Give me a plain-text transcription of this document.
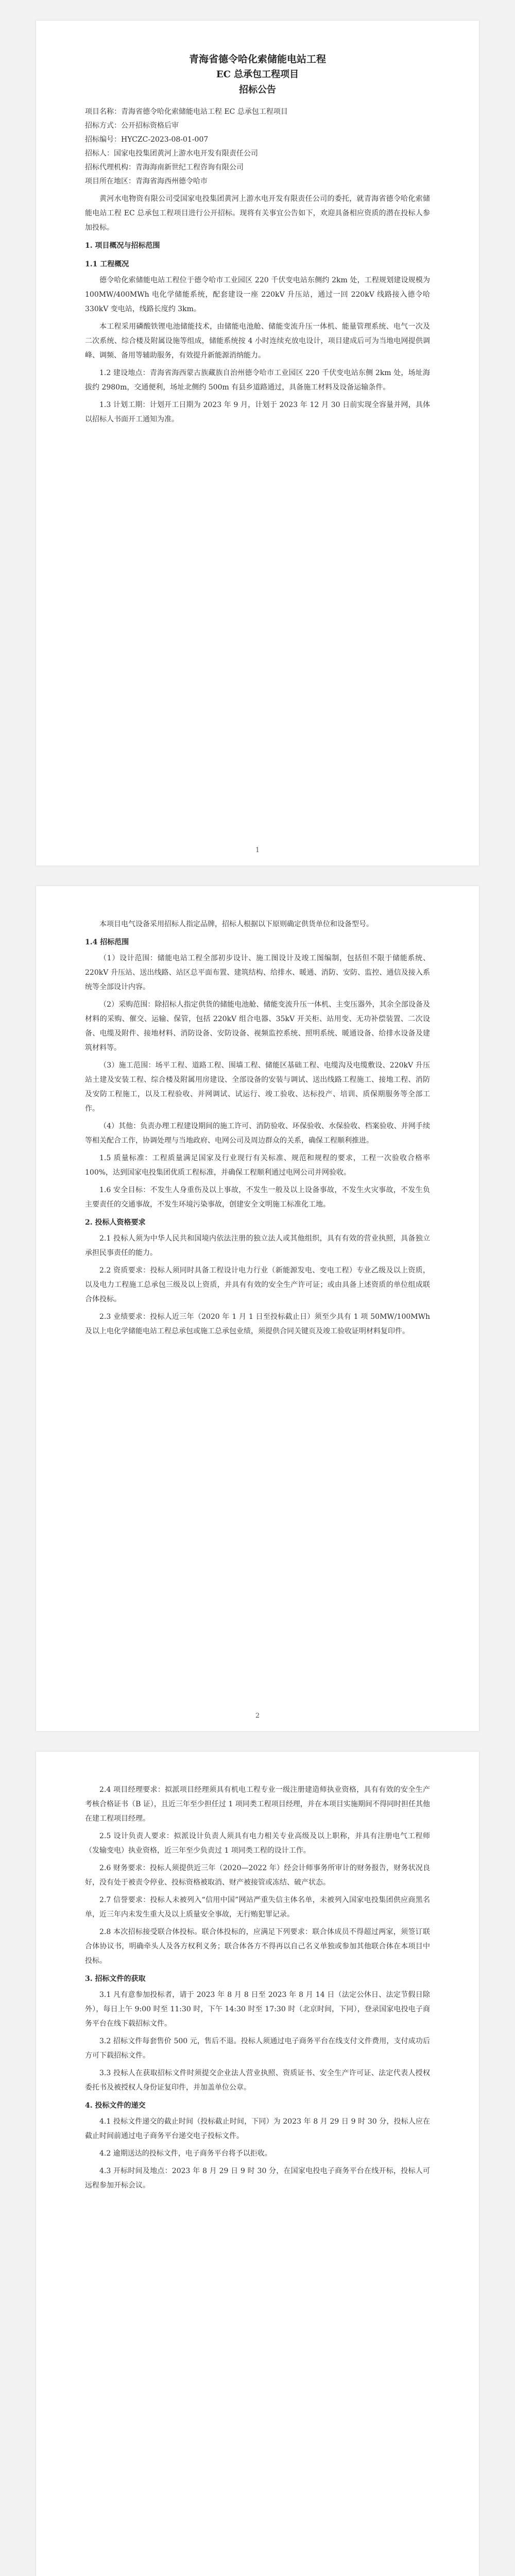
青海省德令哈化索储能电站工程
EC 总承包工程项目
招标公告
项目名称：青海省德令哈化索储能电站工程 EC 总承包工程项目
招标方式：公开招标资格后审
招标编号：HYCZC-2023-08-01-007
招标人：国家电投集团黄河上游水电开发有限责任公司
招标代理机构：青海海南新世纪工程咨询有限公司
项目所在地区：青海省海西州德令哈市

黄河水电物资有限公司受国家电投集团黄河上游水电开发有限责任公司的委托，就青海省德令哈化索储能电站工程 EC 总承包工程项目进行公开招标。现将有关事宜公告如下，欢迎具备相应资质的潜在投标人参加投标。

1. 项目概况与招标范围

1.1 工程概况

德令哈化索储能电站工程位于德令哈市工业园区 220 千伏变电站东侧约 2km 处，工程规划建设规模为 100MW/400MWh 电化学储能系统，配套建设一座 220kV 升压站，通过一回 220kV 线路接入德令哈 330kV 变电站，线路长度约 3km。

本工程采用磷酸铁锂电池储能技术，由储能电池舱、储能变流升压一体机、能量管理系统、电气一次及二次系统、综合楼及附属设施等组成，储能系统按 4 小时连续充放电设计，项目建成后可为当地电网提供调峰、调频、备用等辅助服务，有效提升新能源消纳能力。

1.2 建设地点：青海省海西蒙古族藏族自治州德令哈市工业园区 220 千伏变电站东侧 2km 处，场址海拔约 2980m，交通便利，场址北侧约 500m 有县乡道路通过，具备施工材料及设备运输条件。

1.3 计划工期：计划开工日期为 2023 年 9 月，计划于 2023 年 12 月 30 日前实现全容量并网，具体以招标人书面开工通知为准。

1

本项目电气设备采用招标人指定品牌，招标人根据以下原则确定供货单位和设备型号。

1.4 招标范围

（1）设计范围：储能电站工程全部初步设计、施工图设计及竣工图编制，包括但不限于储能系统、220kV 升压站、送出线路、站区总平面布置、建筑结构、给排水、暖通、消防、安防、监控、通信及接入系统等全部设计内容。

（2）采购范围：除招标人指定供货的储能电池舱、储能变流升压一体机、主变压器外，其余全部设备及材料的采购、催交、运输、保管，包括 220kV 组合电器、35kV 开关柜、站用变、无功补偿装置、二次设备、电缆及附件、接地材料、消防设备、安防设备、视频监控系统、照明系统、暖通设备、给排水设备及建筑材料等。

（3）施工范围：场平工程、道路工程、围墙工程、储能区基础工程、电缆沟及电缆敷设、220kV 升压站土建及安装工程、综合楼及附属用房建设、全部设备的安装与调试、送出线路工程施工、接地工程、消防及安防工程施工，以及工程验收、并网调试、试运行、竣工验收、达标投产、培训、质保期服务等全部工作。

（4）其他：负责办理工程建设期间的施工许可、消防验收、环保验收、水保验收、档案验收、并网手续等相关配合工作，协调处理与当地政府、电网公司及周边群众的关系，确保工程顺利推进。

1.5 质量标准：工程质量满足国家及行业现行有关标准、规范和规程的要求，工程一次验收合格率 100%，达到国家电投集团优质工程标准，并确保工程顺利通过电网公司并网验收。

1.6 安全目标：不发生人身重伤及以上事故，不发生一般及以上设备事故，不发生火灾事故，不发生负主要责任的交通事故，不发生环境污染事故，创建安全文明施工标准化工地。

2. 投标人资格要求

2.1 投标人须为中华人民共和国境内依法注册的独立法人或其他组织，具有有效的营业执照，具备独立承担民事责任的能力。

2.2 资质要求：投标人须同时具备工程设计电力行业（新能源发电、变电工程）专业乙级及以上资质，以及电力工程施工总承包三级及以上资质，并具有有效的安全生产许可证；或由具备上述资质的单位组成联合体投标。

2.3 业绩要求：投标人近三年（2020 年 1 月 1 日至投标截止日）须至少具有 1 项 50MW/100MWh 及以上电化学储能电站工程总承包或施工总承包业绩，须提供合同关键页及竣工验收证明材料复印件。

2

2.4 项目经理要求：拟派项目经理须具有机电工程专业一级注册建造师执业资格，具有有效的安全生产考核合格证书（B 证），且近三年至少担任过 1 项同类工程项目经理，并在本项目实施期间不得同时担任其他在建工程项目经理。

2.5 设计负责人要求：拟派设计负责人须具有电力相关专业高级及以上职称，并具有注册电气工程师（发输变电）执业资格，近三年至少负责过 1 项同类工程的设计工作。

2.6 财务要求：投标人须提供近三年（2020—2022 年）经会计师事务所审计的财务报告，财务状况良好，没有处于被责令停业、投标资格被取消、财产被接管或冻结、破产状态。

2.7 信誉要求：投标人未被列入“信用中国”网站严重失信主体名单，未被列入国家电投集团供应商黑名单，近三年内未发生重大及以上质量安全事故，无行贿犯罪记录。

2.8 本次招标接受联合体投标。联合体投标的，应满足下列要求：联合体成员不得超过两家，须签订联合体协议书，明确牵头人及各方权利义务；联合体各方不得再以自己名义单独或参加其他联合体在本项目中投标。

3. 招标文件的获取

3.1 凡有意参加投标者，请于 2023 年 8 月 8 日至 2023 年 8 月 14 日（法定公休日、法定节假日除外），每日上午 9:00 时至 11:30 时，下午 14:30 时至 17:30 时（北京时间，下同），登录国家电投电子商务平台在线下载招标文件。

3.2 招标文件每套售价 500 元，售后不退。投标人须通过电子商务平台在线支付文件费用，支付成功后方可下载招标文件。

3.3 投标人在获取招标文件时须提交企业法人营业执照、资质证书、安全生产许可证、法定代表人授权委托书及被授权人身份证复印件，并加盖单位公章。

4. 投标文件的递交

4.1 投标文件递交的截止时间（投标截止时间，下同）为 2023 年 8 月 29 日 9 时 30 分，投标人应在截止时间前通过电子商务平台递交电子投标文件。

4.2 逾期送达的投标文件，电子商务平台将予以拒收。

4.3 开标时间及地点：2023 年 8 月 29 日 9 时 30 分，在国家电投电子商务平台在线开标，投标人可远程参加开标会议。
